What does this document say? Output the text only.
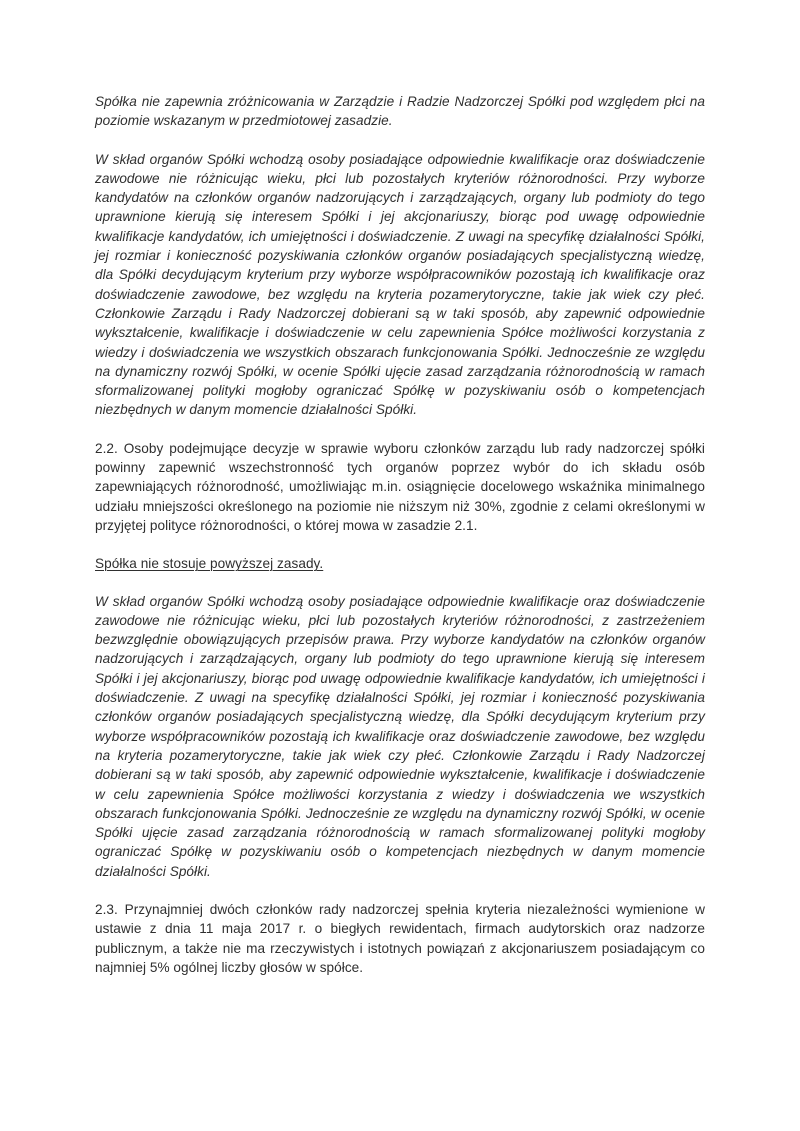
Spółka nie zapewnia zróżnicowania w Zarządzie i Radzie Nadzorczej Spółki pod względem płci na poziomie wskazanym w przedmiotowej zasadzie.

W skład organów Spółki wchodzą osoby posiadające odpowiednie kwalifikacje oraz doświadczenie zawodowe nie różnicując wieku, płci lub pozostałych kryteriów różnorodności. Przy wyborze kandydatów na członków organów nadzorujących i zarządzających, organy lub podmioty do tego uprawnione kierują się interesem Spółki i jej akcjonariuszy, biorąc pod uwagę odpowiednie kwalifikacje kandydatów, ich umiejętności i doświadczenie. Z uwagi na specyfikę działalności Spółki, jej rozmiar i konieczność pozyskiwania członków organów posiadających specjalistyczną wiedzę, dla Spółki decydującym kryterium przy wyborze współpracowników pozostają ich kwalifikacje oraz doświadczenie zawodowe, bez względu na kryteria pozamerytoryczne, takie jak wiek czy płeć. Członkowie Zarządu i Rady Nadzorczej dobierani są w taki sposób, aby zapewnić odpowiednie wykształcenie, kwalifikacje i doświadczenie w celu zapewnienia Spółce możliwości korzystania z wiedzy i doświadczenia we wszystkich obszarach funkcjonowania Spółki. Jednocześnie ze względu na dynamiczny rozwój Spółki, w ocenie Spółki ujęcie zasad zarządzania różnorodnością w ramach sformalizowanej polityki mogłoby ograniczać Spółkę w pozyskiwaniu osób o kompetencjach niezbędnych w danym momencie działalności Spółki.

2.2. Osoby podejmujące decyzje w sprawie wyboru członków zarządu lub rady nadzorczej spółki powinny zapewnić wszechstronność tych organów poprzez wybór do ich składu osób zapewniających różnorodność, umożliwiając m.in. osiągnięcie docelowego wskaźnika minimalnego udziału mniejszości określonego na poziomie nie niższym niż 30%, zgodnie z celami określonymi w przyjętej polityce różnorodności, o której mowa w zasadzie 2.1.

Spółka nie stosuje powyższej zasady.

W skład organów Spółki wchodzą osoby posiadające odpowiednie kwalifikacje oraz doświadczenie zawodowe nie różnicując wieku, płci lub pozostałych kryteriów różnorodności, z zastrzeżeniem bezwzględnie obowiązujących przepisów prawa. Przy wyborze kandydatów na członków organów nadzorujących i zarządzających, organy lub podmioty do tego uprawnione kierują się interesem Spółki i jej akcjonariuszy, biorąc pod uwagę odpowiednie kwalifikacje kandydatów, ich umiejętności i doświadczenie. Z uwagi na specyfikę działalności Spółki, jej rozmiar i konieczność pozyskiwania członków organów posiadających specjalistyczną wiedzę, dla Spółki decydującym kryterium przy wyborze współpracowników pozostają ich kwalifikacje oraz doświadczenie zawodowe, bez względu na kryteria pozamerytoryczne, takie jak wiek czy płeć. Członkowie Zarządu i Rady Nadzorczej dobierani są w taki sposób, aby zapewnić odpowiednie wykształcenie, kwalifikacje i doświadczenie w celu zapewnienia Spółce możliwości korzystania z wiedzy i doświadczenia we wszystkich obszarach funkcjonowania Spółki. Jednocześnie ze względu na dynamiczny rozwój Spółki, w ocenie Spółki ujęcie zasad zarządzania różnorodnością w ramach sformalizowanej polityki mogłoby ograniczać Spółkę w pozyskiwaniu osób o kompetencjach niezbędnych w danym momencie działalności Spółki.

2.3. Przynajmniej dwóch członków rady nadzorczej spełnia kryteria niezależności wymienione w ustawie z dnia 11 maja 2017 r. o biegłych rewidentach, firmach audytorskich oraz nadzorze publicznym, a także nie ma rzeczywistych i istotnych powiązań z akcjonariuszem posiadającym co najmniej 5% ogólnej liczby głosów w spółce.
